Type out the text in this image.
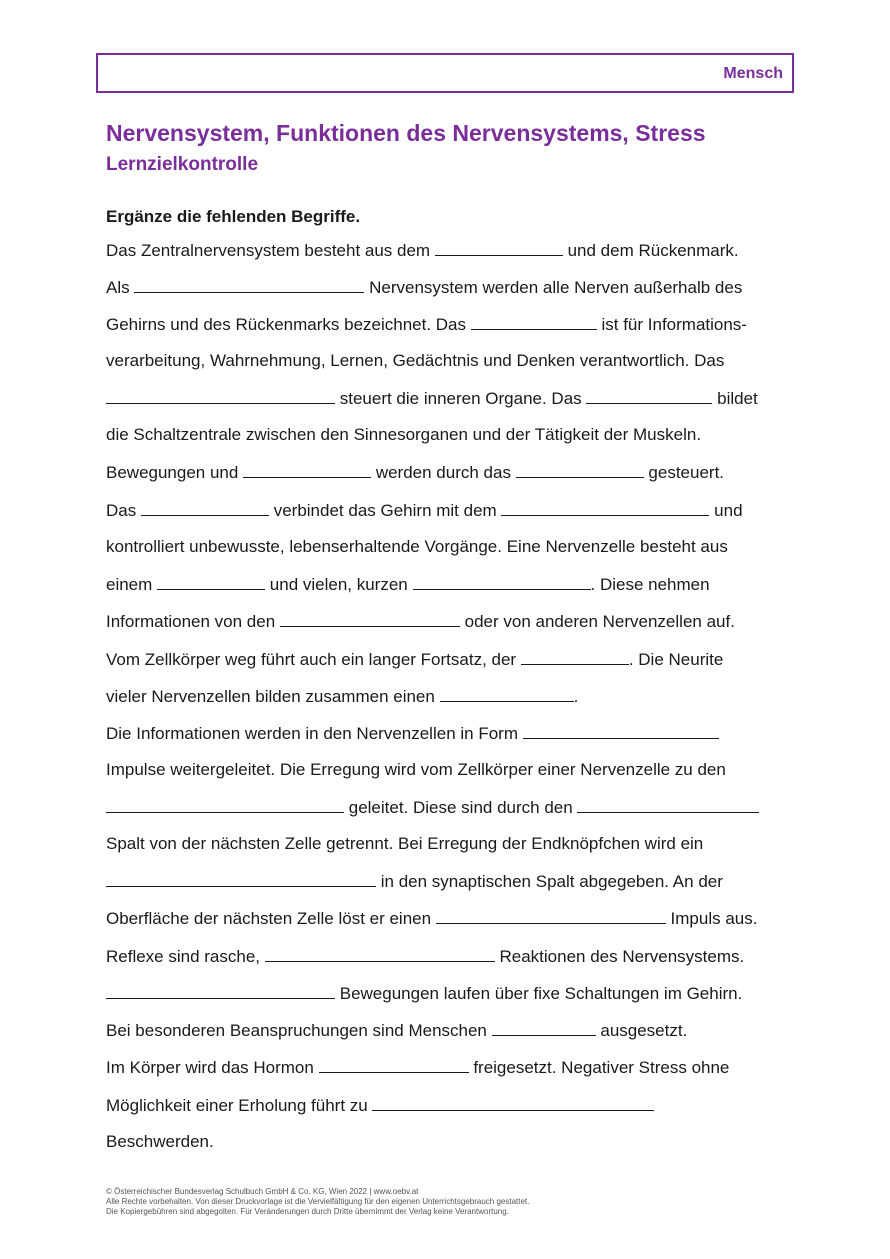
Mensch
Nervensystem, Funktionen des Nervensystems, Stress
Lernzielkontrolle
Ergänze die fehlenden Begriffe.
Das Zentralnervensystem besteht aus dem	und dem Rückenmark.
Als	Nervensystem werden alle Nerven außerhalb des
Gehirns und des Rückenmarks bezeichnet. Das	ist für Informations-
verarbeitung, Wahrnehmung, Lernen, Gedächtnis und Denken verantwortlich. Das
steuert die inneren Organe. Das	bildet
die Schaltzentrale zwischen den Sinnesorganen und der Tätigkeit der Muskeln.
Bewegungen und	werden durch das	gesteuert.
Das	verbindet das Gehirn mit dem	und
kontrolliert unbewusste, lebenserhaltende Vorgänge. Eine Nervenzelle besteht aus
einem	und vielen, kurzen	. Diese nehmen
Informationen von den	oder von anderen Nervenzellen auf.
Vom Zellkörper weg führt auch ein langer Fortsatz, der	. Die Neurite
vieler Nervenzellen bilden zusammen einen	.
Die Informationen werden in den Nervenzellen in Form
Impulse weitergeleitet. Die Erregung wird vom Zellkörper einer Nervenzelle zu den
geleitet. Diese sind durch den
Spalt von der nächsten Zelle getrennt. Bei Erregung der Endknöpfchen wird ein
in den synaptischen Spalt abgegeben. An der
Oberfläche der nächsten Zelle löst er einen	Impuls aus.
Reflexe sind rasche,	Reaktionen des Nervensystems.
Bewegungen laufen über fixe Schaltungen im Gehirn.
Bei besonderen Beanspruchungen sind Menschen	ausgesetzt.
Im Körper wird das Hormon	freigesetzt. Negativer Stress ohne
Möglichkeit einer Erholung führt zu
Beschwerden.
© Österreichischer Bundesverlag Schulbuch GmbH & Co. KG, Wien 2022 | www.oebv.at
Alle Rechte vorbehalten. Von dieser Druckvorlage ist die Vervielfältigung für den eigenen Unterrichtsgebrauch gestattet.
Die Kopiergebühren sind abgegolten. Für Veränderungen durch Dritte übernimmt der Verlag keine Verantwortung.
